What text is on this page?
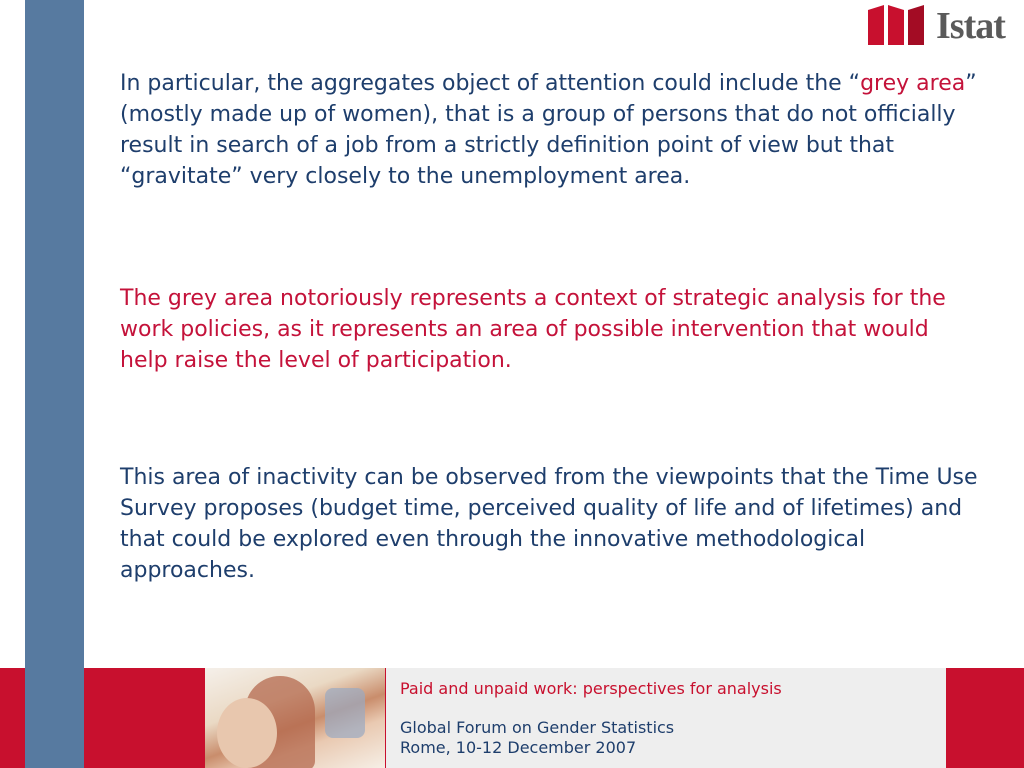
Istat

In particular, the aggregates object of attention could include the “grey area” (mostly made up of women), that is a group of persons that do not officially result in search of a job from a strictly definition point of view but that “gravitate” very closely to the unemployment area.

The grey area notoriously represents a context of strategic analysis for the work policies, as it represents an area of possible intervention that would help raise the level of participation.

This area of inactivity can be observed from the viewpoints that the Time Use Survey proposes (budget time, perceived quality of life and of lifetimes) and that could be explored even through the innovative methodological approaches.

Paid and unpaid work: perspectives for analysis
Global Forum on Gender Statistics
Rome, 10-12 December 2007
